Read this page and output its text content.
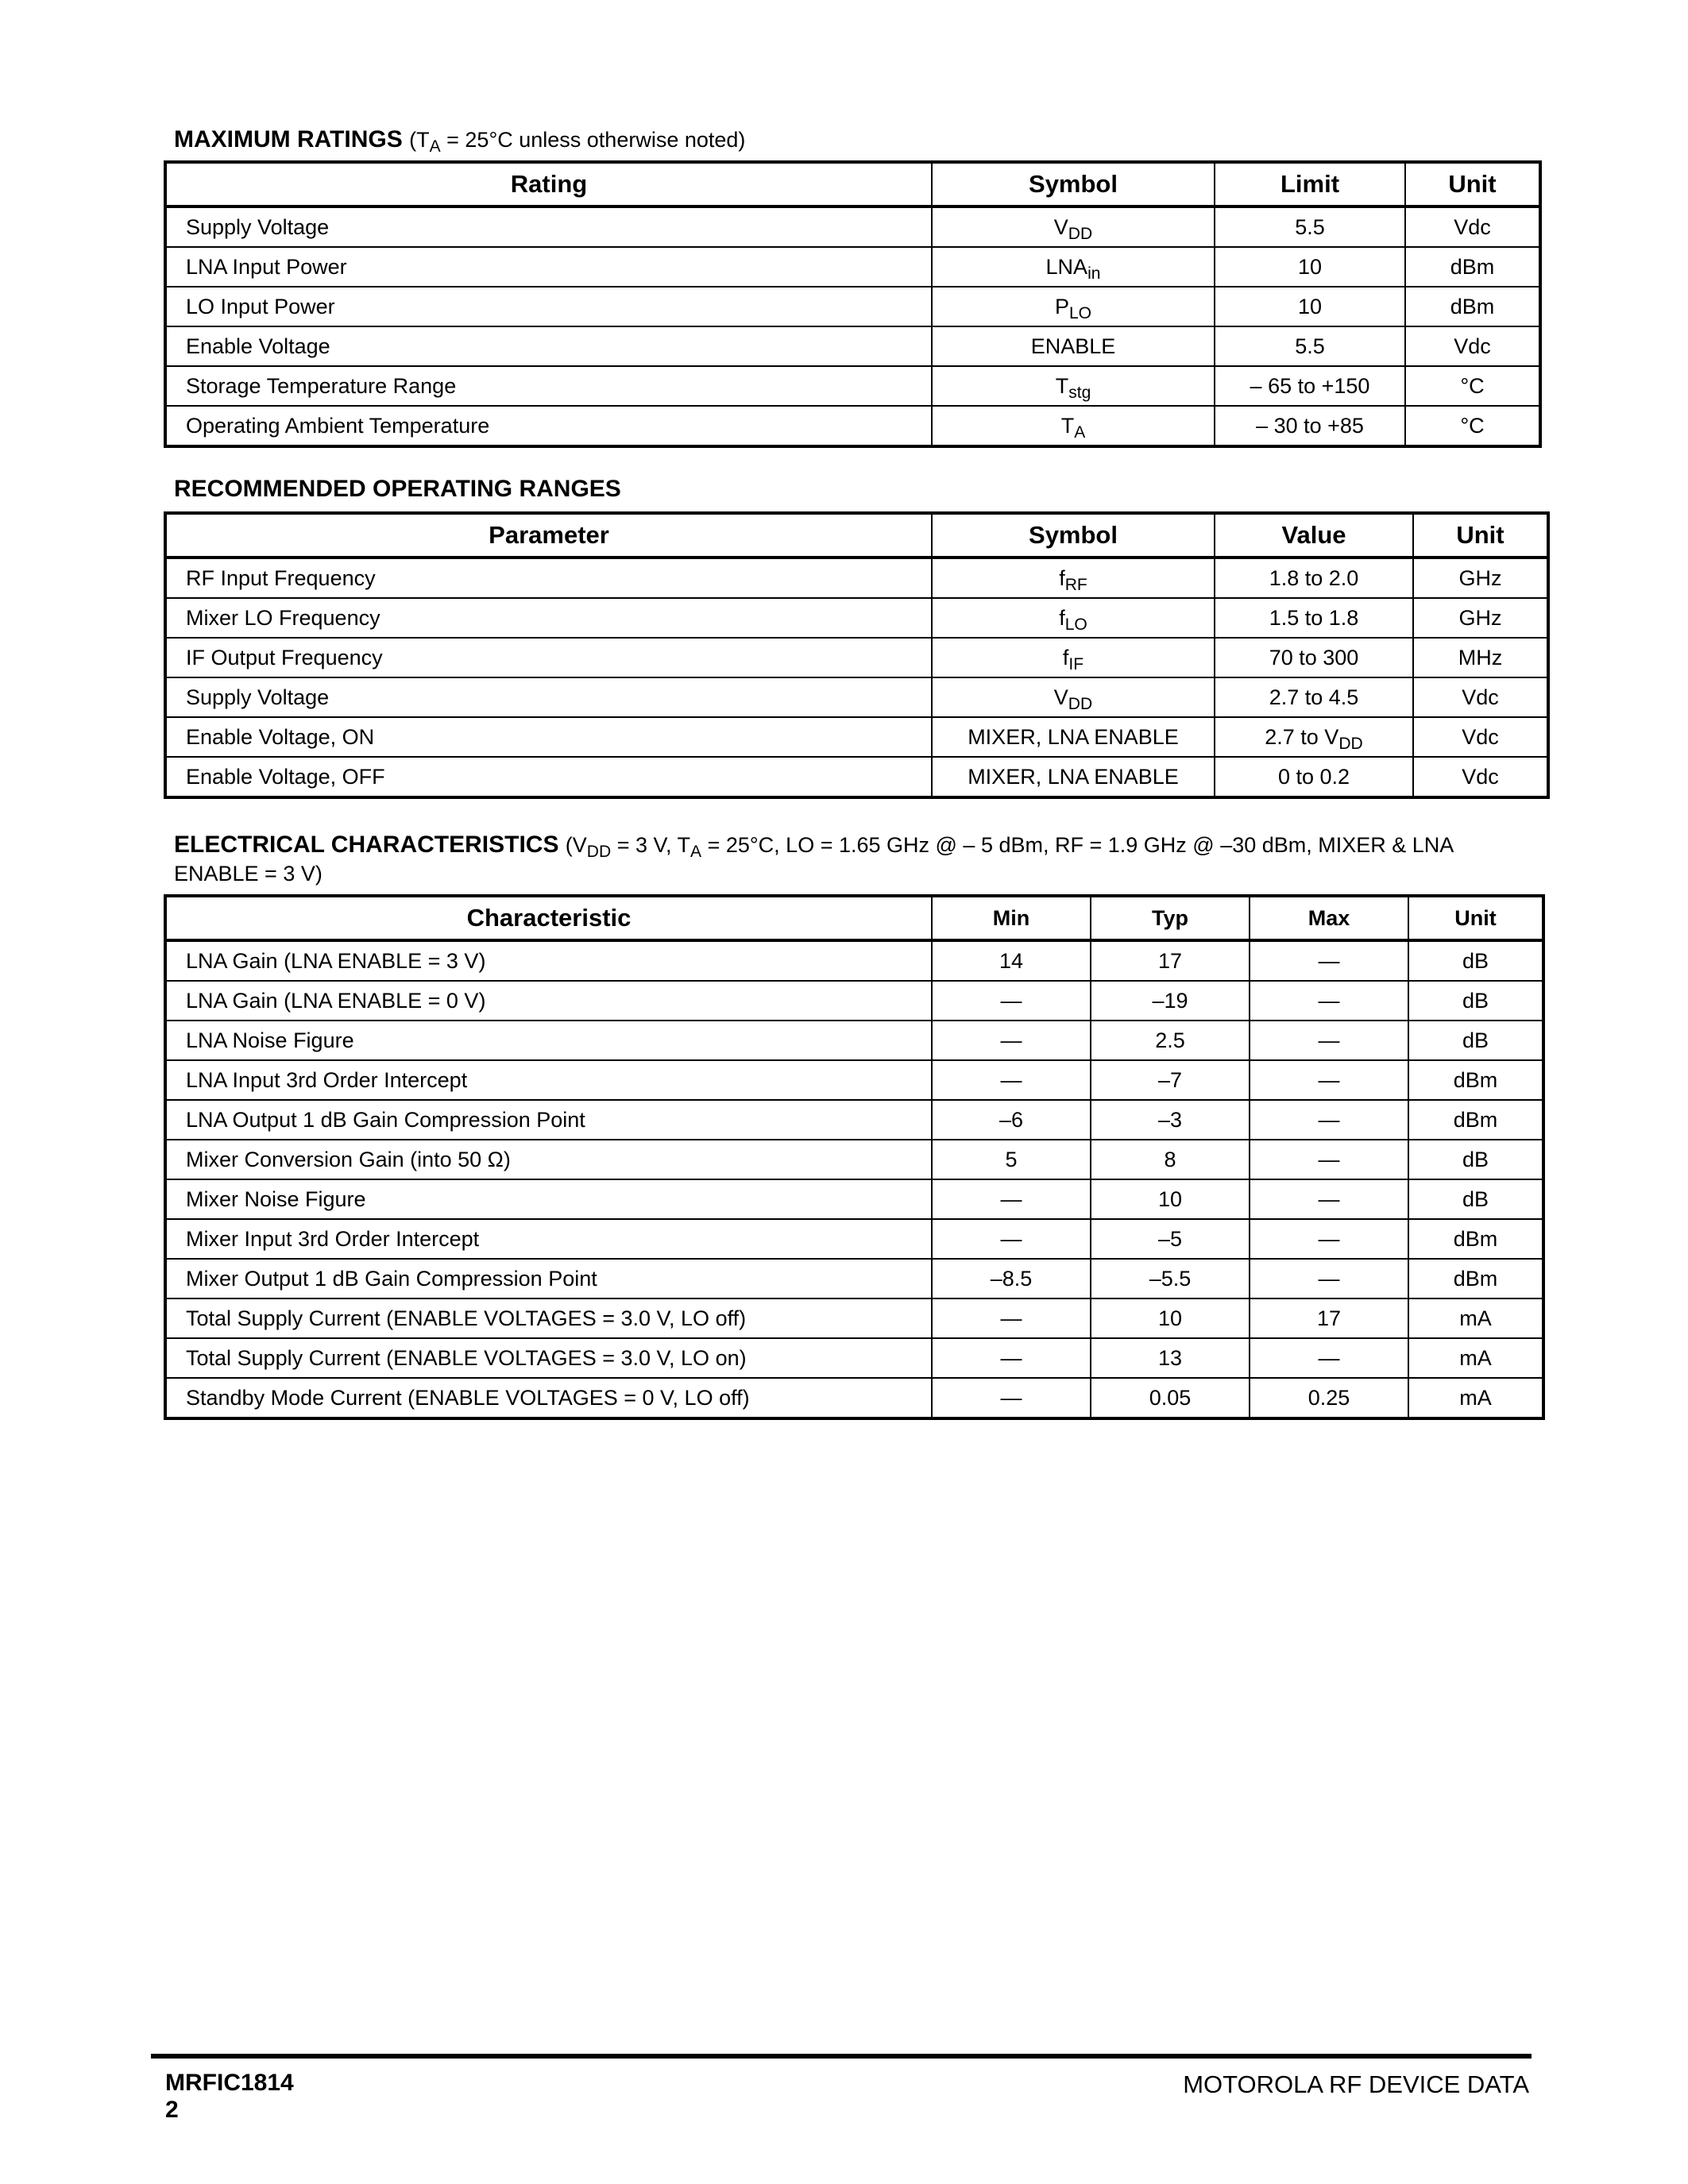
MAXIMUM RATINGS ($T_A = 25^\circ C$ unless otherwise noted)

Rating	Symbol	Limit	Unit
Supply Voltage	$V_{DD}$	5.5	Vdc
LNA Input Power	$LNA_{in}$	10	dBm
LO Input Power	$P_{LO}$	10	dBm
Enable Voltage	ENABLE	5.5	Vdc
Storage Temperature Range	$T_{stg}$	– 65 to +150	°C
Operating Ambient Temperature	$T_A$	– 30 to +85	°C

RECOMMENDED OPERATING RANGES

Parameter	Symbol	Value	Unit
RF Input Frequency	$f_{RF}$	1.8 to 2.0	GHz
Mixer LO Frequency	$f_{LO}$	1.5 to 1.8	GHz
IF Output Frequency	$f_{IF}$	70 to 300	MHz
Supply Voltage	$V_{DD}$	2.7 to 4.5	Vdc
Enable Voltage, ON	MIXER, LNA ENABLE	2.7 to $V_{DD}$	Vdc
Enable Voltage, OFF	MIXER, LNA ENABLE	0 to 0.2	Vdc

ELECTRICAL CHARACTERISTICS ($V_{DD} = 3$ V, $T_A = 25^\circ C$, LO = 1.65 GHz @ – 5 dBm, RF = 1.9 GHz @ –30 dBm, MIXER & LNA ENABLE = 3 V)

Characteristic	Min	Typ	Max	Unit
LNA Gain (LNA ENABLE = 3 V)	14	17	—	dB
LNA Gain (LNA ENABLE = 0 V)	—	–19	—	dB
LNA Noise Figure	—	2.5	—	dB
LNA Input 3rd Order Intercept	—	–7	—	dBm
LNA Output 1 dB Gain Compression Point	–6	–3	—	dBm
Mixer Conversion Gain (into 50 Ω)	5	8	—	dB
Mixer Noise Figure	—	10	—	dB
Mixer Input 3rd Order Intercept	—	–5	—	dBm
Mixer Output 1 dB Gain Compression Point	–8.5	–5.5	—	dBm
Total Supply Current (ENABLE VOLTAGES = 3.0 V, LO off)	—	10	17	mA
Total Supply Current (ENABLE VOLTAGES = 3.0 V, LO on)	—	13	—	mA
Standby Mode Current (ENABLE VOLTAGES = 0 V, LO off)	—	0.05	0.25	mA
MRFIC1814
2
MOTOROLA RF DEVICE DATA
